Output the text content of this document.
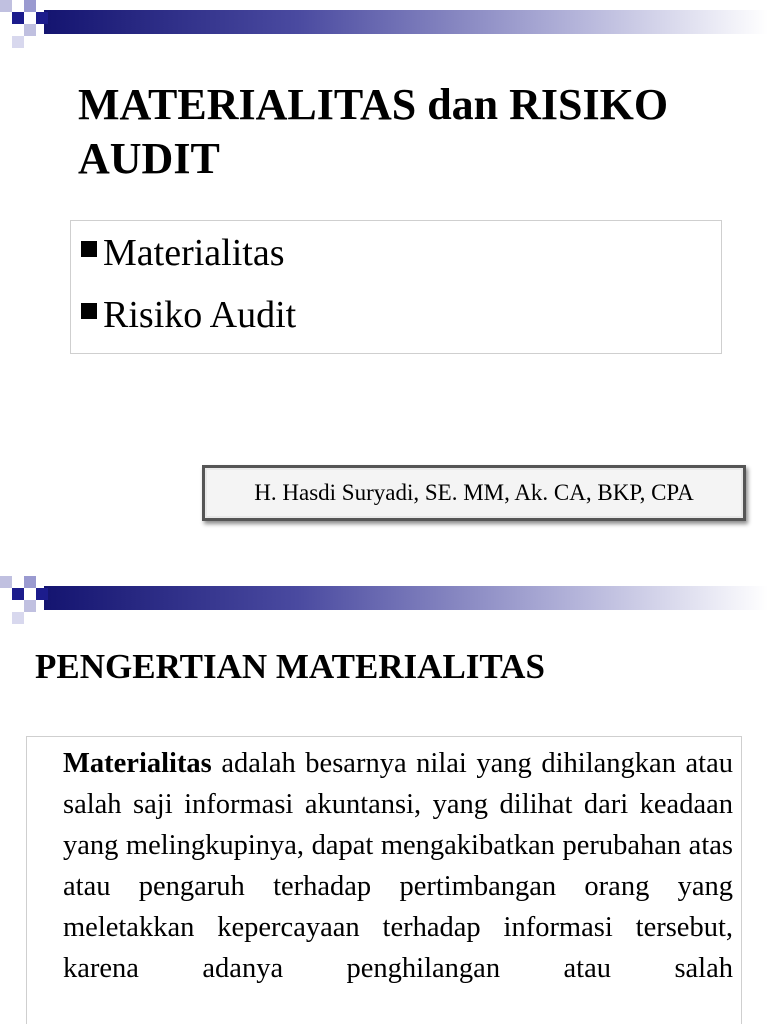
MATERIALITAS dan RISIKO AUDIT
Materialitas
Risiko Audit
H. Hasdi Suryadi, SE. MM, Ak. CA, BKP, CPA
PENGERTIAN MATERIALITAS

Materialitas adalah besarnya nilai yang dihilangkan atau salah saji informasi akuntansi, yang dilihat dari keadaan yang melingkupinya, dapat mengakibatkan perubahan atas atau pengaruh terhadap pertimbangan orang yang meletakkan kepercayaan terhadap informasi tersebut, karena adanya penghilangan atau salah
